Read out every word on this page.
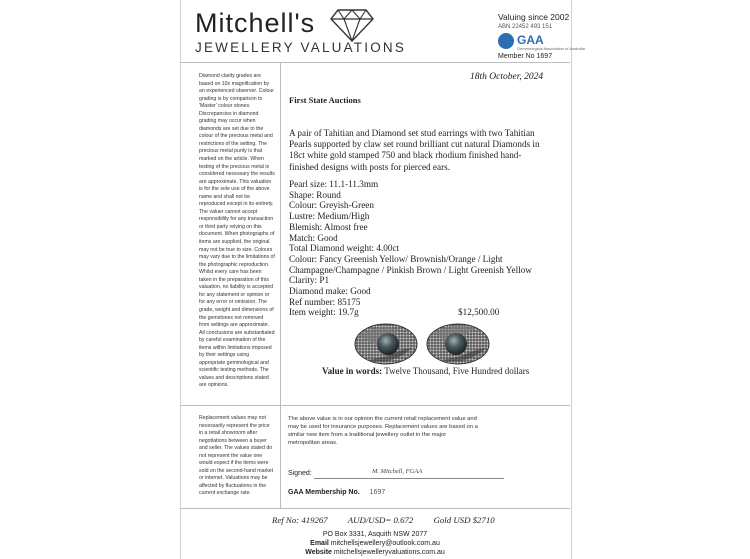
Mitchell's
JEWELLERY VALUATIONS
Valuing since 2002
ABN 22452 493 151
GAA
Gemmological Association of Australia
Member No 1697
Diamond clarity grades are based on 10x magnification by an experienced observer. Colour grading is by comparison to 'Master' colour stones. Discrepancies in diamond grading may occur when diamonds are set due to the colour of the precious metal and restrictions of the setting. The precious metal purity is that marked on the article. When testing of the precious metal is considered necessary the results are approximate. This valuation is for the sole use of the above name and shall not be reproduced except in its entirety. The valuer cannot accept responsibility for any transaction or third party relying on this document. When photographs of items are supplied, the original may not be true to size. Colours may vary due to the limitations of the photographic reproduction. Whilst every care has been taken in the preparation of this valuation, no liability is accepted for any statement or opinion or for any error or omission. The grade, weight and dimensions of the gemstones not removed from settings are approximate. All conclusions are substantiated by careful examination of the items within limitations imposed by their settings using appropriate gemmological and scientific testing methods. The values and descriptions stated are opinions.
18th October, 2024
First State Auctions
A pair of Tahitian and Diamond set stud earrings with two Tahitian Pearls supported by claw set round brilliant cut natural Diamonds in 18ct white gold stamped 750 and black rhodium finished hand-finished designs with posts for pierced ears.
Pearl size: 11.1-11.3mm
Shape: Round
Colour: Greyish-Green
Lustre: Medium/High
Blemish: Almost free
Match: Good
Total Diamond weight: 4.00ct
Colour: Fancy Greenish Yellow/ Brownish/Orange / Light
Champagne/Champagne / Pinkish Brown / Light Greenish Yellow
Clarity: P1
Diamond make: Good
Ref number: 85175
Item weight: 19.7g	$12,500.00
Value in words: Twelve Thousand, Five Hundred dollars
Replacement values may not necessarily represent the price in a retail showroom after negotiations between a buyer and seller. The values stated do not represent the value one would expect if the items were sold on the second-hand market or internet. Valuations may be affected by fluctuations in the current exchange rate.
The above value is in our opinion the current retail replacement value and may be used for insurance purposes. Replacement values are based on a similar new item from a traditional jewellery outlet in the major metropolitan areas.
Signed:	M. Mitchell, FGAA
GAA Membership No. 1697
Ref No: 419267 AUD/USD= 0.672 Gold USD $2710
PO Box 3331, Asquith NSW 2077
Email mitchellsjewellery@outlook.com.au
Website mitchellsjewelleryvaluations.com.au
